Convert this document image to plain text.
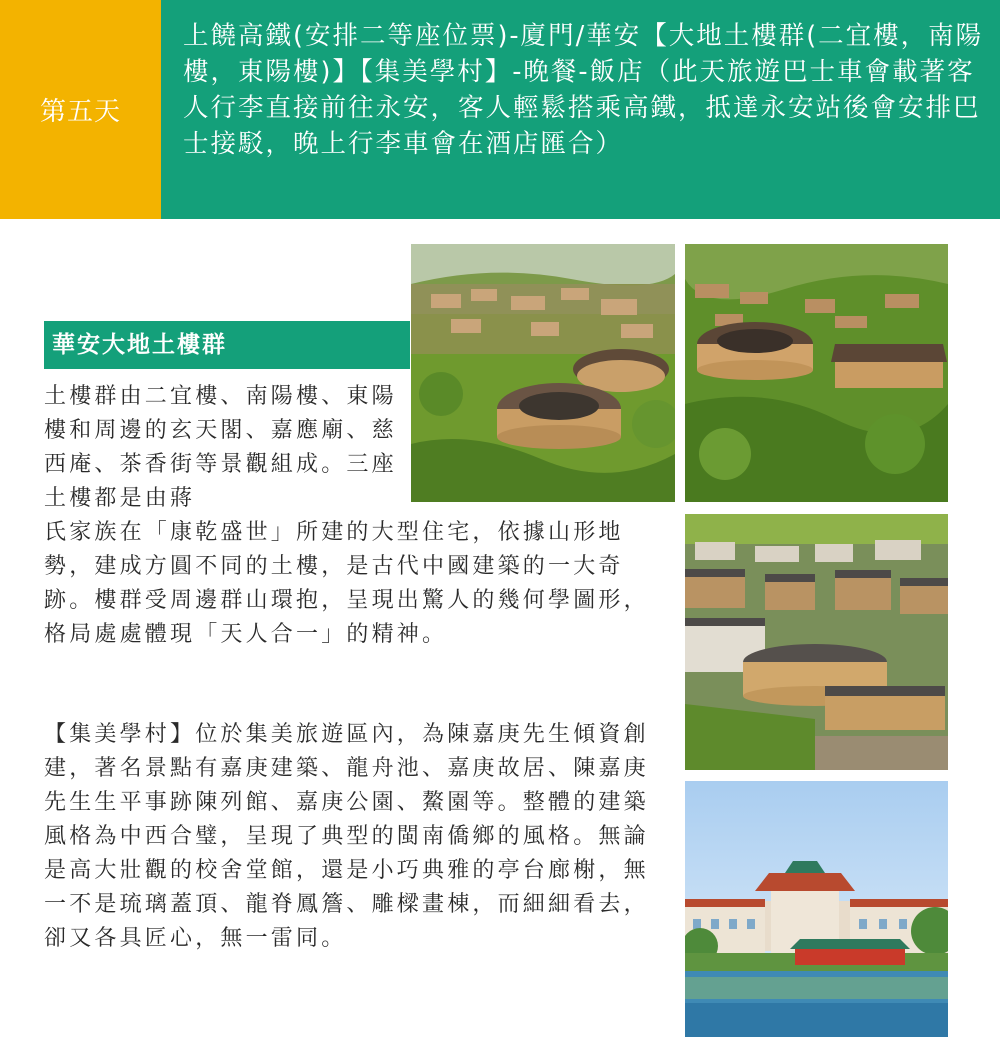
第五天
上饒高鐵(安排二等座位票)-廈門/華安【大地土樓群(二宜樓，南陽樓，東陽樓)】【集美學村】-晚餐-飯店（此天旅遊巴士車會載著客人行李直接前往永安，客人輕鬆搭乘高鐵，抵達永安站後會安排巴士接駁，晚上行李車會在酒店匯合）
華安大地土樓群
土樓群由二宜樓、南陽樓、東陽樓和周邊的玄天閣、嘉應廟、慈西庵、茶香街等景觀組成。三座土樓都是由蔣
氏家族在「康乾盛世」所建的大型住宅，依據山形地勢，建成方圓不同的土樓，是古代中國建築的一大奇跡。樓群受周邊群山環抱，呈現出驚人的幾何學圖形，格局處處體現「天人合一」的精神。
【集美學村】位於集美旅遊區內，為陳嘉庚先生傾資創建，著名景點有嘉庚建築、龍舟池、嘉庚故居、陳嘉庚先生生平事跡陳列館、嘉庚公園、鰲園等。整體的建築風格為中西合璧，呈現了典型的閩南僑鄉的風格。無論是高大壯觀的校舍堂館，還是小巧典雅的亭台廊榭，無一不是琉璃蓋頂、龍脊鳳簷、雕樑畫棟，而細細看去，卻又各具匠心，無一雷同。
